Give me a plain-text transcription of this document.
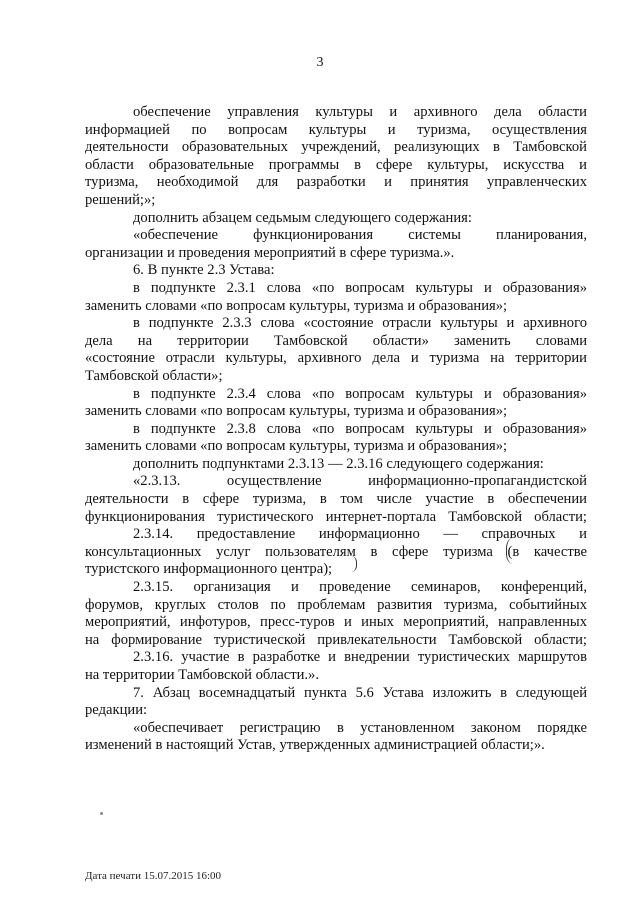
3
обеспечение управления культуры и архивного дела области
информацией по вопросам культуры и туризма, осуществления
деятельности образовательных учреждений, реализующих в Тамбовской
области образовательные программы в сфере культуры, искусства и
туризма, необходимой для разработки и принятия управленческих
решений;»;
дополнить абзацем седьмым следующего содержания:
«обеспечение функционирования системы планирования,
организации и проведения мероприятий в сфере туризма.».
6. В пункте 2.3 Устава:
в подпункте 2.3.1 слова «по вопросам культуры и образования»
заменить словами «по вопросам культуры, туризма и образования»;
в подпункте 2.3.3 слова «состояние отрасли культуры и архивного
дела на территории Тамбовской области» заменить словами
«состояние отрасли культуры, архивного дела и туризма на территории
Тамбовской области»;
в подпункте 2.3.4 слова «по вопросам культуры и образования»
заменить словами «по вопросам культуры, туризма и образования»;
в подпункте 2.3.8 слова «по вопросам культуры и образования»
заменить словами «по вопросам культуры, туризма и образования»;
дополнить подпунктами 2.3.13 — 2.3.16 следующего содержания:
«2.3.13. осуществление информационно-пропагандистской
деятельности в сфере туризма, в том числе участие в обеспечении
функционирования туристического интернет-портала Тамбовской области;
2.3.14. предоставление информационно — справочных и
консультационных услуг пользователям в сфере туризма (в качестве
туристского информационного центра);
2.3.15. организация и проведение семинаров, конференций,
форумов, круглых столов по проблемам развития туризма, событийных
мероприятий, инфотуров, пресс-туров и иных мероприятий, направленных
на формирование туристической привлекательности Тамбовской области;
2.3.16. участие в разработке и внедрении туристических маршрутов
на территории Тамбовской области.».
7. Абзац восемнадцатый пункта 5.6 Устава изложить в следующей
редакции:
«обеспечивает регистрацию в установленном законом порядке
изменений в настоящий Устав, утвержденных администрацией области;».
Дата печати 15.07.2015 16:00
